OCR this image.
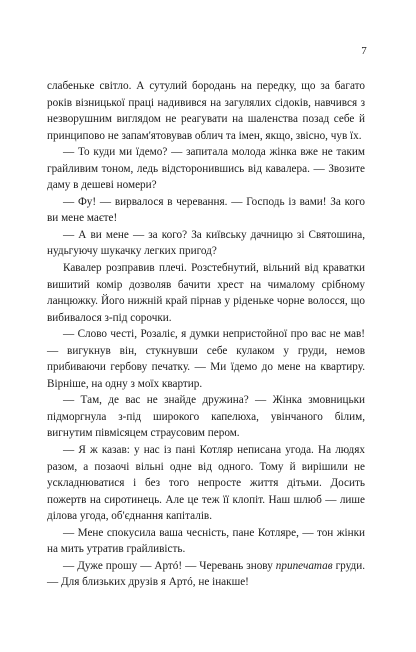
7

слабенькe світло. А сутулий бородань на передку, що за багато років візницької праці надивився на загулялих сідоків, навчився з незворушним виглядом не реагувати на шаленства позад себе й принципово не запам'ятовував облич та імен, якщо, звісно, чув їх.

— То куди ми їдемо? — запитала молода жінка вже не таким грайливим тоном, ледь відсторонившись від кавалера. — Звозите даму в дешеві номери?

— Фу! — вирвалося в черевання. — Господь із вами! За кого ви мене маєте!

— А ви мене — за кого? За київську дачницю зі Святошина, нудьгуючу шукачку легких пригод?

Кавалер розправив плечі. Розстебнутий, вільний від краватки вишитий комір дозволяв бачити хрест на чималому срібному ланцюжку. Його нижній край пірнав у ріденьке чорне волосся, що вибивалося з-під сорочки.

— Слово честі, Розаліє, я думки непристойної про вас не мав! — вигукнув він, стукнувши себе кулаком у груди, немов прибиваючи гербову печатку. — Ми їдемо до мене на квартиру. Вірніше, на одну з моїх квартир.

— Там, де вас не знайде дружина? — Жінка змовницьки підморгнула з-під широкого капелюха, увінчаного білим, вигнутим півмісяцем страусовим пером.

— Я ж казав: у нас із пані Котляр неписана угода. На людях разом, а позаочі вільні одне від одного. Тому й вирішили не ускладнюватися і без того непросте життя дітьми. Досить пожертв на сиротинець. Але це теж її клопіт. Наш шлюб — лише ділова угода, об'єднання капіталів.

— Мене спокусила ваша чесність, пане Котляре, — тон жінки на мить утратив грайливість.

— Дуже прошу — Артó! — Черевань знову припечатав груди. — Для близьких друзів я Артó, не інакше!
